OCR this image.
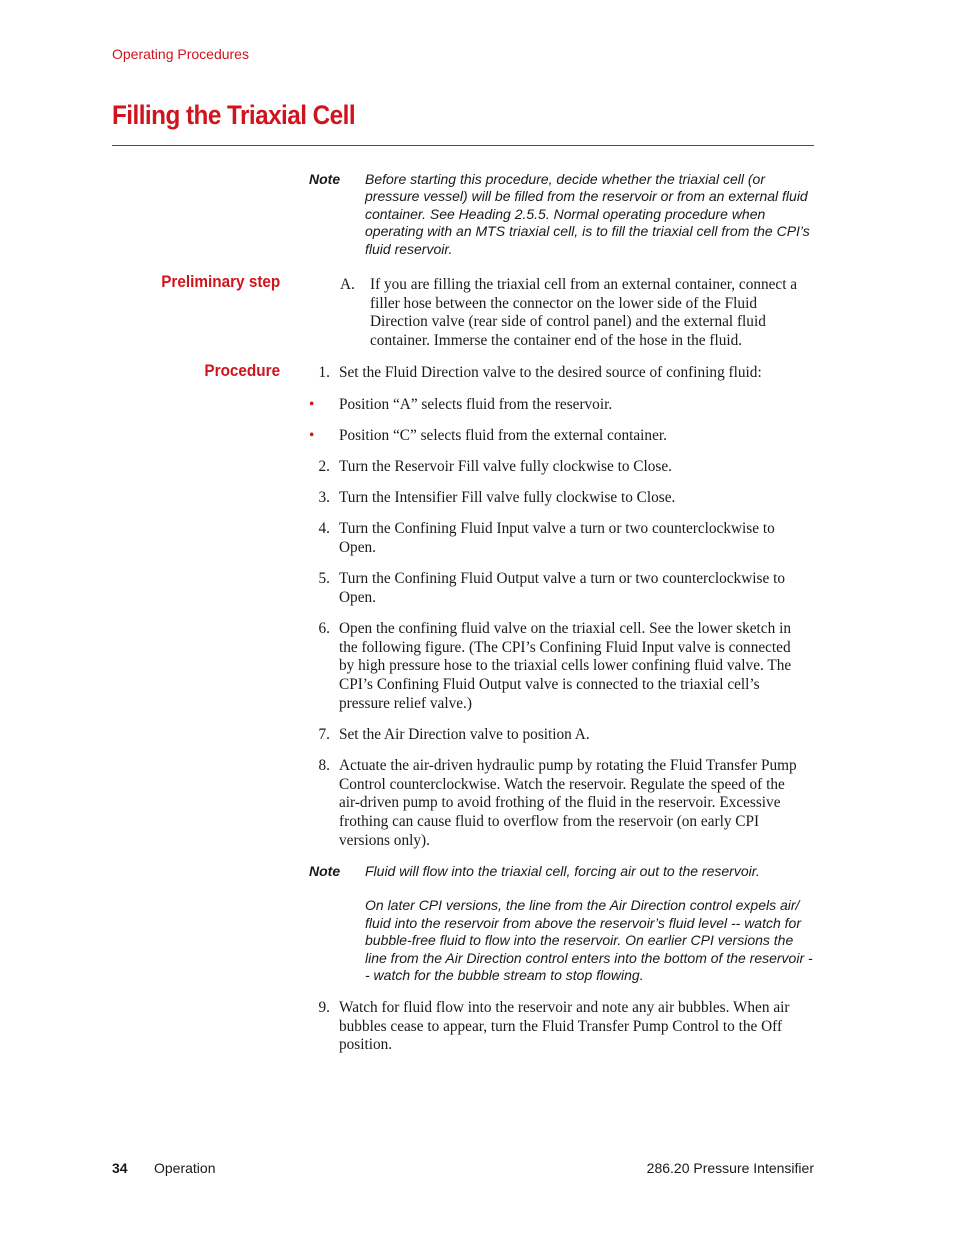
Operating Procedures
Filling the Triaxial Cell
Note Before starting this procedure, decide whether the triaxial cell (or pressure vessel) will be filled from the reservoir or from an external fluid container. See Heading 2.5.5. Normal operating procedure when operating with an MTS triaxial cell, is to fill the triaxial cell from the CPI’s fluid reservoir.

Preliminary step	A. If you are filling the triaxial cell from an external container, connect a filler hose between the connector on the lower side of the Fluid Direction valve (rear side of control panel) and the external fluid container. Immerse the container end of the hose in the fluid.
Procedure	1. Set the Fluid Direction valve to the desired source of confining fluid:
• Position “A” selects fluid from the reservoir.
• Position “C” selects fluid from the external container.
2. Turn the Reservoir Fill valve fully clockwise to Close.
3. Turn the Intensifier Fill valve fully clockwise to Close.
4. Turn the Confining Fluid Input valve a turn or two counterclockwise to Open.
5. Turn the Confining Fluid Output valve a turn or two counterclockwise to Open.
6. Open the confining fluid valve on the triaxial cell. See the lower sketch in the following figure. (The CPI’s Confining Fluid Input valve is connected by high pressure hose to the triaxial cells lower confining fluid valve. The CPI’s Confining Fluid Output valve is connected to the triaxial cell’s pressure relief valve.)
7. Set the Air Direction valve to position A.
8. Actuate the air-driven hydraulic pump by rotating the Fluid Transfer Pump Control counterclockwise. Watch the reservoir. Regulate the speed of the air-driven pump to avoid frothing of the fluid in the reservoir. Excessive frothing can cause fluid to overflow from the reservoir (on early CPI versions only).
Note Fluid will flow into the triaxial cell, forcing air out to the reservoir.

On later CPI versions, the line from the Air Direction control expels air/ fluid into the reservoir from above the reservoir’s fluid level -- watch for bubble-free fluid to flow into the reservoir. On earlier CPI versions the line from the Air Direction control enters into the bottom of the reservoir - - watch for the bubble stream to stop flowing.

9. Watch for fluid flow into the reservoir and note any air bubbles. When air bubbles cease to appear, turn the Fluid Transfer Pump Control to the Off position.
34 Operation	286.20 Pressure Intensifier
